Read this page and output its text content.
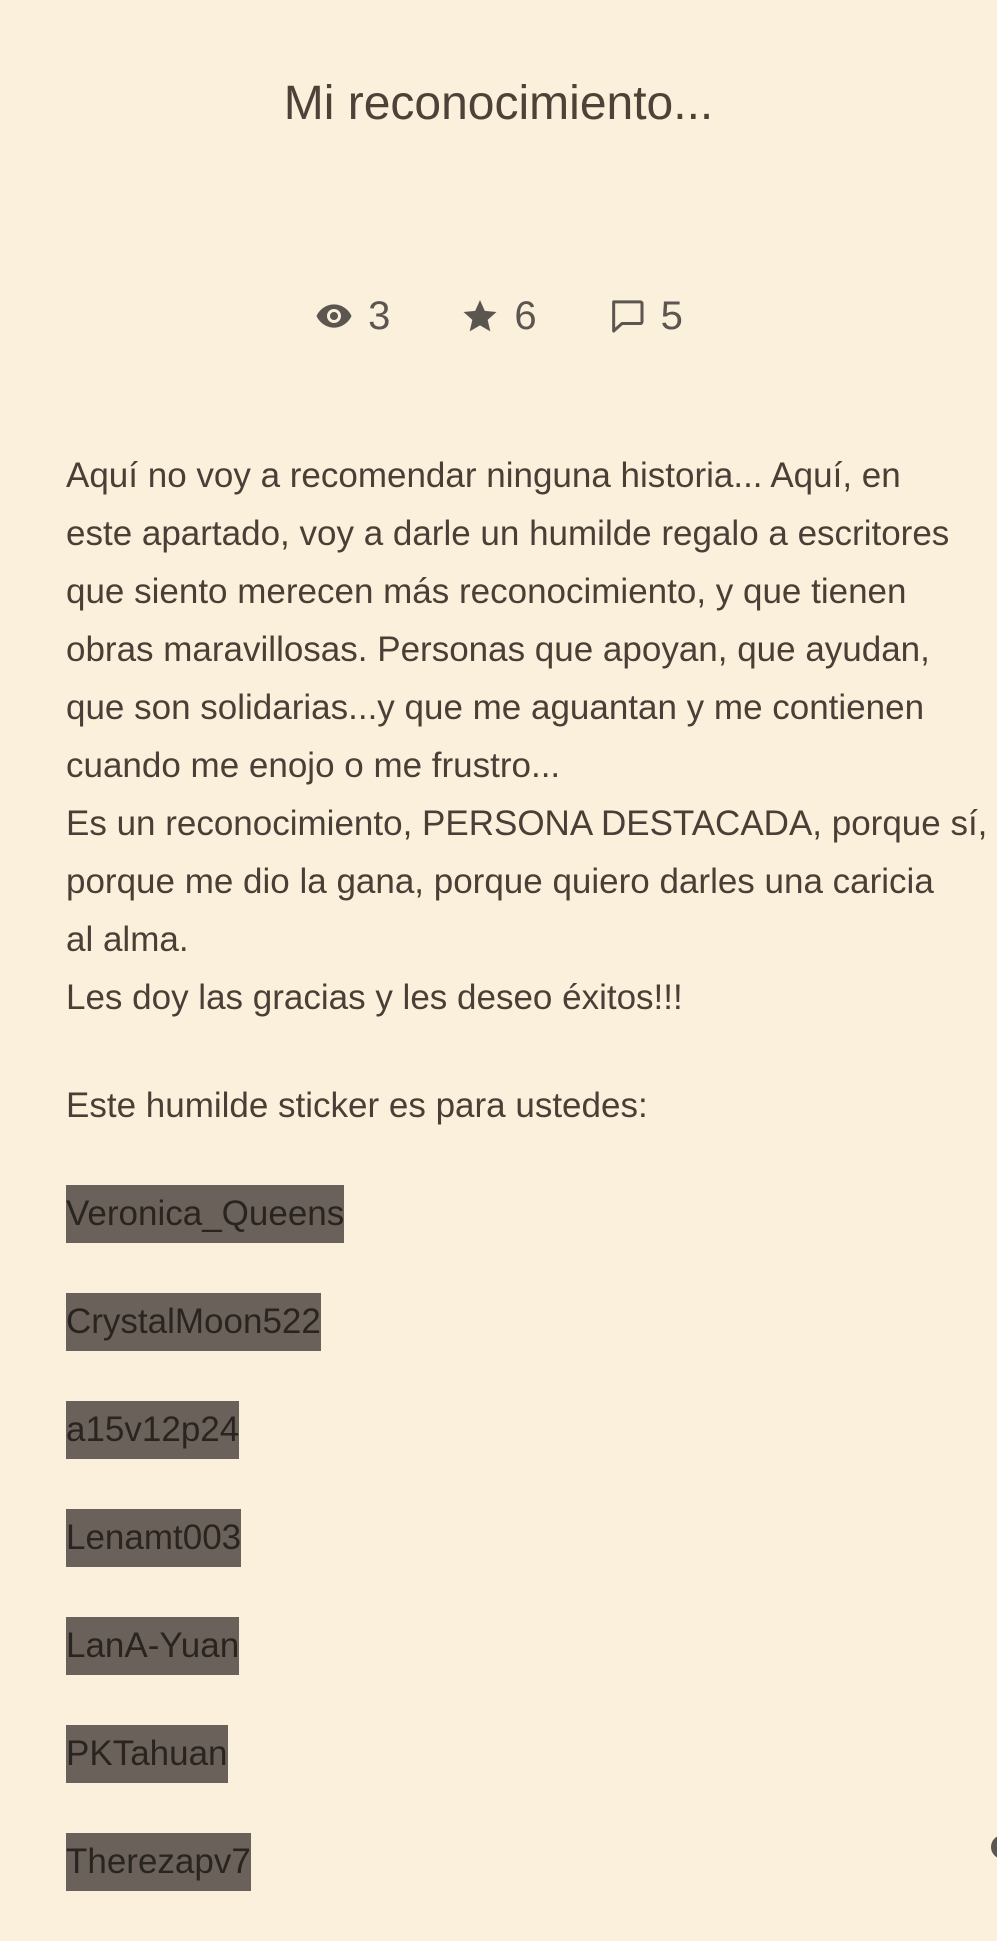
Mi reconocimiento...
3	6	5
Aquí no voy a recomendar ninguna historia... Aquí, en
este apartado, voy a darle un humilde regalo a escritores
que siento merecen más reconocimiento, y que tienen
obras maravillosas. Personas que apoyan, que ayudan,
que son solidarias...y que me aguantan y me contienen
cuando me enojo o me frustro...
Es un reconocimiento, PERSONA DESTACADA, porque sí,
porque me dio la gana, porque quiero darles una caricia
al alma.
Les doy las gracias y les deseo éxitos!!!

Este humilde sticker es para ustedes:

Veronica_Queens
CrystalMoon522
a15v12p24
Lenamt003
LanA-Yuan
PKTahuan
Therezapv7
